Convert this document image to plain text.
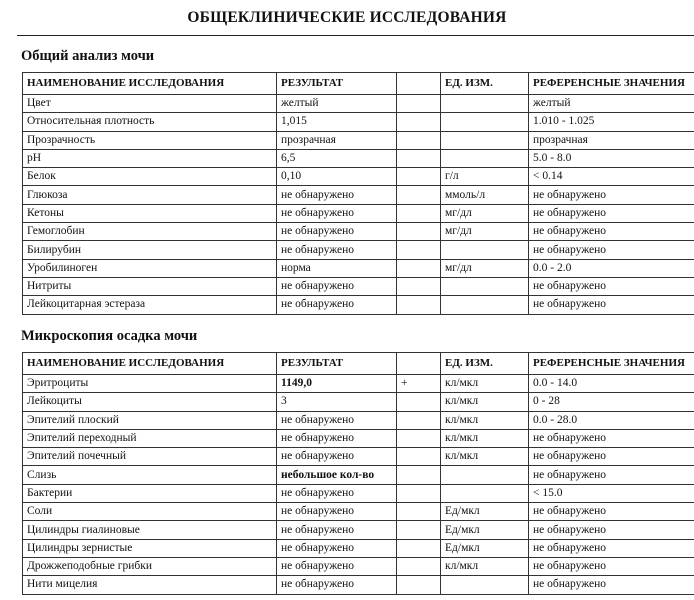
ОБЩЕКЛИНИЧЕСКИЕ ИССЛЕДОВАНИЯ
Общий анализ мочи
НАИМЕНОВАНИЕ ИССЛЕДОВАНИЯ	РЕЗУЛЬТАТ		ЕД. ИЗМ.	РЕФЕРЕНСНЫЕ ЗНАЧЕНИЯ
Цвет	желтый			желтый
Относительная плотность	1,015			1.010 - 1.025
Прозрачность	прозрачная			прозрачная
pH	6,5			5.0 - 8.0
Белок	0,10		г/л	< 0.14
Глюкоза	не обнаружено		ммоль/л	не обнаружено
Кетоны	не обнаружено		мг/дл	не обнаружено
Гемоглобин	не обнаружено		мг/дл	не обнаружено
Билирубин	не обнаружено			не обнаружено
Уробилиноген	норма		мг/дл	0.0 - 2.0
Нитриты	не обнаружено			не обнаружено
Лейкоцитарная эстераза	не обнаружено			не обнаружено
Микроскопия осадка мочи
НАИМЕНОВАНИЕ ИССЛЕДОВАНИЯ	РЕЗУЛЬТАТ		ЕД. ИЗМ.	РЕФЕРЕНСНЫЕ ЗНАЧЕНИЯ
Эритроциты	1149,0	+	кл/мкл	0.0 - 14.0
Лейкоциты	3		кл/мкл	0 - 28
Эпителий плоский	не обнаружено		кл/мкл	0.0 - 28.0
Эпителий переходный	не обнаружено		кл/мкл	не обнаружено
Эпителий почечный	не обнаружено		кл/мкл	не обнаружено
Слизь	небольшое кол-во			не обнаружено
Бактерии	не обнаружено			< 15.0
Соли	не обнаружено		Ед/мкл	не обнаружено
Цилиндры гиалиновые	не обнаружено		Ед/мкл	не обнаружено
Цилиндры зернистые	не обнаружено		Ед/мкл	не обнаружено
Дрожжеподобные грибки	не обнаружено		кл/мкл	не обнаружено
Нити мицелия	не обнаружено			не обнаружено
